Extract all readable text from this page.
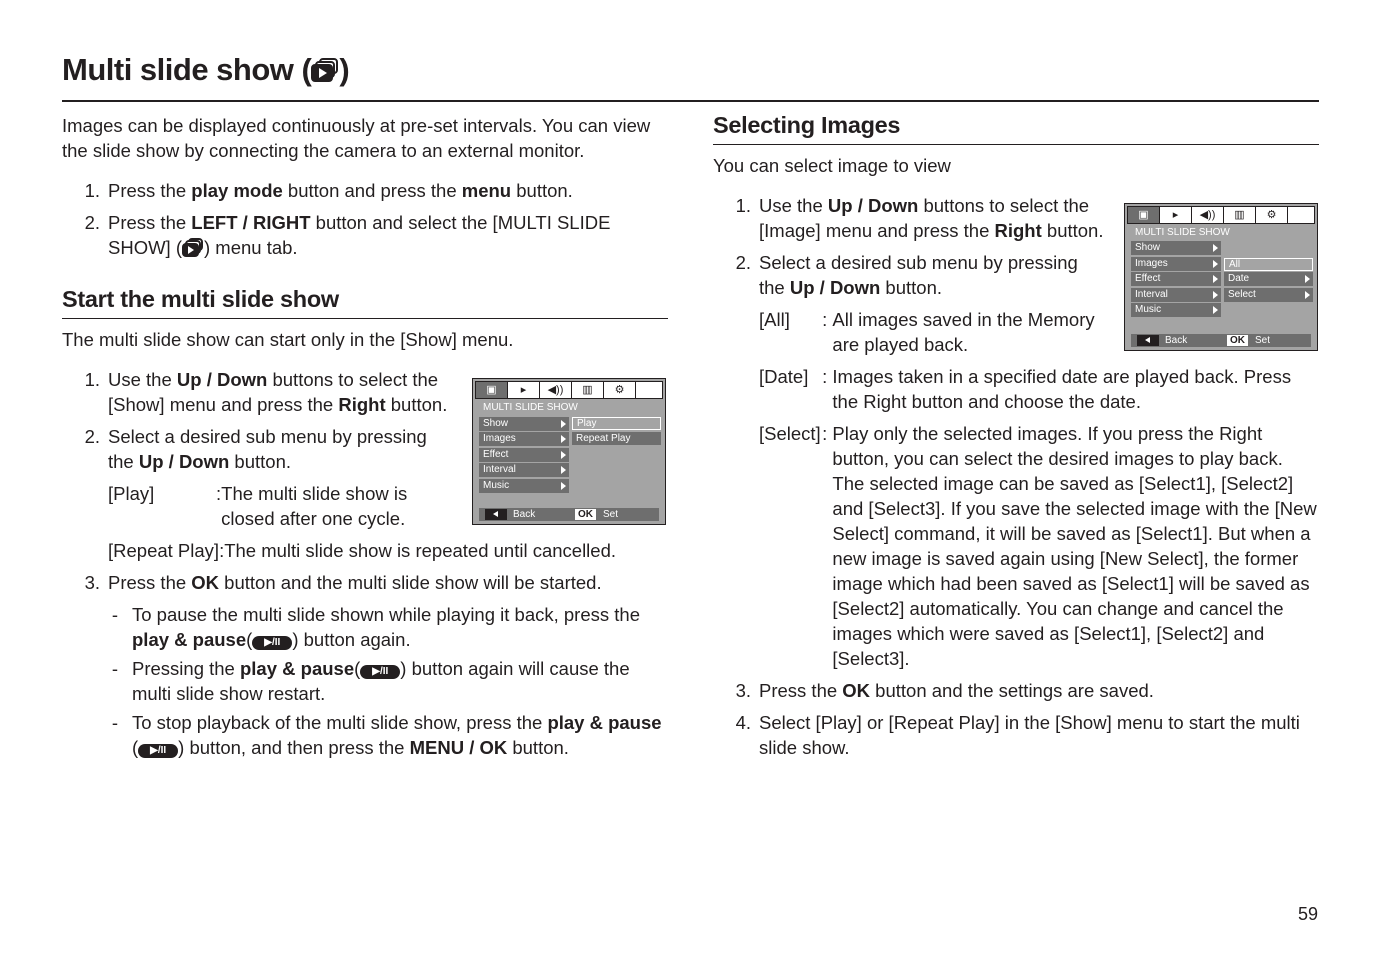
Multi slide show ( )

Images can be displayed continuously at pre-set intervals. You can view the slide show by connecting the camera to an external monitor.

1. Press the play mode button and press the menu button.
2. Press the LEFT / RIGHT button and select the [MULTI SLIDE SHOW] ( ) menu tab.
Start the multi slide show

The multi slide show can start only in the [Show] menu.

1. Use the Up / Down buttons to select the [Show] menu and press the Right button.
2. Select a desired sub menu by pressing the Up / Down button.
[Play]	: The multi slide show is closed after one cycle.
[Repeat Play] : The multi slide show is repeated until cancelled.
3. Press the OK button and the multi slide show will be started.
- To pause the multi slide shown while playing it back, press the play & pause( ▶/II ) button again.
- Pressing the play & pause( ▶/II ) button again will cause the multi slide show restart.
- To stop playback of the multi slide show, press the play & pause ( ▶/II ) button, and then press the MENU / OK button.
▣	▸	◀))	▥	⚙
MULTI SLIDE SHOW
Show
Images
Effect
Interval
Music
Play
Repeat Play
Back	OK	Set
Selecting Images

You can select image to view

1. Use the Up / Down buttons to select the [Image] menu and press the Right button.
2. Select a desired sub menu by pressing the Up / Down button.
[All]	: All images saved in the Memory are played back.
[Date] : Images taken in a specified date are played back. Press the Right button and choose the date.
[Select]
: Play only the selected images. If you press the Right button, you can select the desired images to play back. The selected image can be saved as [Select1], [Select2] and [Select3]. If you save the selected image with the [New Select] command, it will be saved as [Select1]. But when a new image is saved again using [New Select], the former image which had been saved as [Select1] will be saved as [Select2] automatically. You can change and cancel the images which were saved as [Select1], [Select2] and [Select3].
3. Press the OK button and the settings are saved.
4. Select [Play] or [Repeat Play] in the [Show] menu to start the multi slide show.
▣	▸	◀))	▥	⚙
MULTI SLIDE SHOW
Show
Images
Effect
Interval
Music
All
Date
Select
Back	OK	Set
59
